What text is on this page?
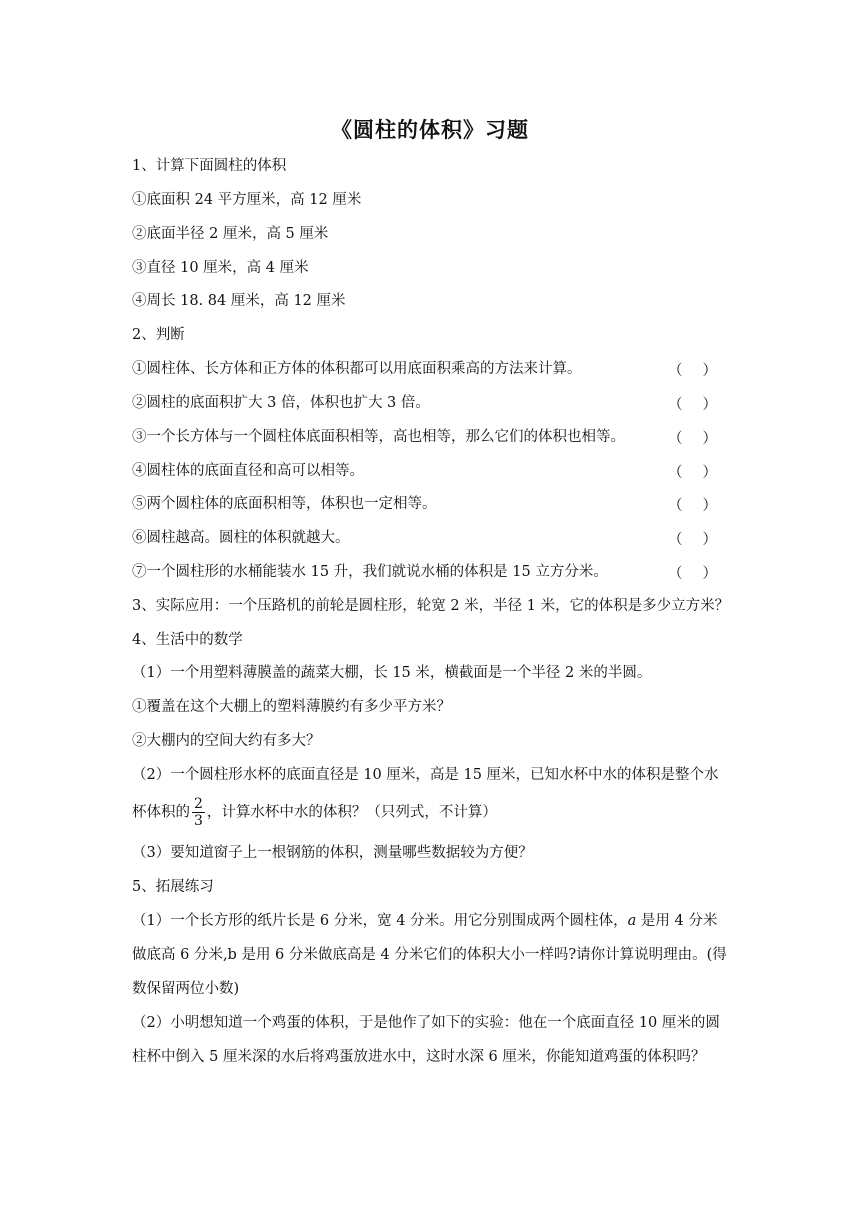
《圆柱的体积》习题
1、计算下面圆柱的体积
①底面积 24 平方厘米，高 12 厘米
②底面半径 2 厘米，高 5 厘米
③直径 10 厘米，高 4 厘米
④周长 18. 84 厘米，高 12 厘米
2、判断
①圆柱体、长方体和正方体的体积都可以用底面积乘高的方法来计算。	（ ）
②圆柱的底面积扩大 3 倍，体积也扩大 3 倍。	（ ）
③一个长方体与一个圆柱体底面积相等，高也相等，那么它们的体积也相等。	（ ）
④圆柱体的底面直径和高可以相等。	（ ）
⑤两个圆柱体的底面积相等，体积也一定相等。	（ ）
⑥圆柱越高。圆柱的体积就越大。	（ ）
⑦一个圆柱形的水桶能装水 15 升，我们就说水桶的体积是 15 立方分米。	（ ）
3、实际应用：一个压路机的前轮是圆柱形，轮宽 2 米，半径 1 米，它的体积是多少立方米？
4、生活中的数学
（1）一个用塑料薄膜盖的蔬菜大棚，长 15 米，横截面是一个半径 2 米的半圆。
①覆盖在这个大棚上的塑料薄膜约有多少平方米？
②大棚内的空间大约有多大？
（2）一个圆柱形水杯的底面直径是 10 厘米，高是 15 厘米，已知水杯中水的体积是整个水
杯体积的 $\frac{2}{3}$ ，计算水杯中水的体积？（只列式，不计算）
（3）要知道窗子上一根钢筋的体积，测量哪些数据较为方便？
5、拓展练习
（1）一个长方形的纸片长是 6 分米，宽 4 分米。用它分别围成两个圆柱体，a 是用 4 分米
做底高 6 分米,b 是用 6 分米做底高是 4 分米它们的体积大小一样吗?请你计算说明理由。(得
数保留两位小数)
（2）小明想知道一个鸡蛋的体积，于是他作了如下的实验：他在一个底面直径 10 厘米的圆
柱杯中倒入 5 厘米深的水后将鸡蛋放进水中，这时水深 6 厘米，你能知道鸡蛋的体积吗？
